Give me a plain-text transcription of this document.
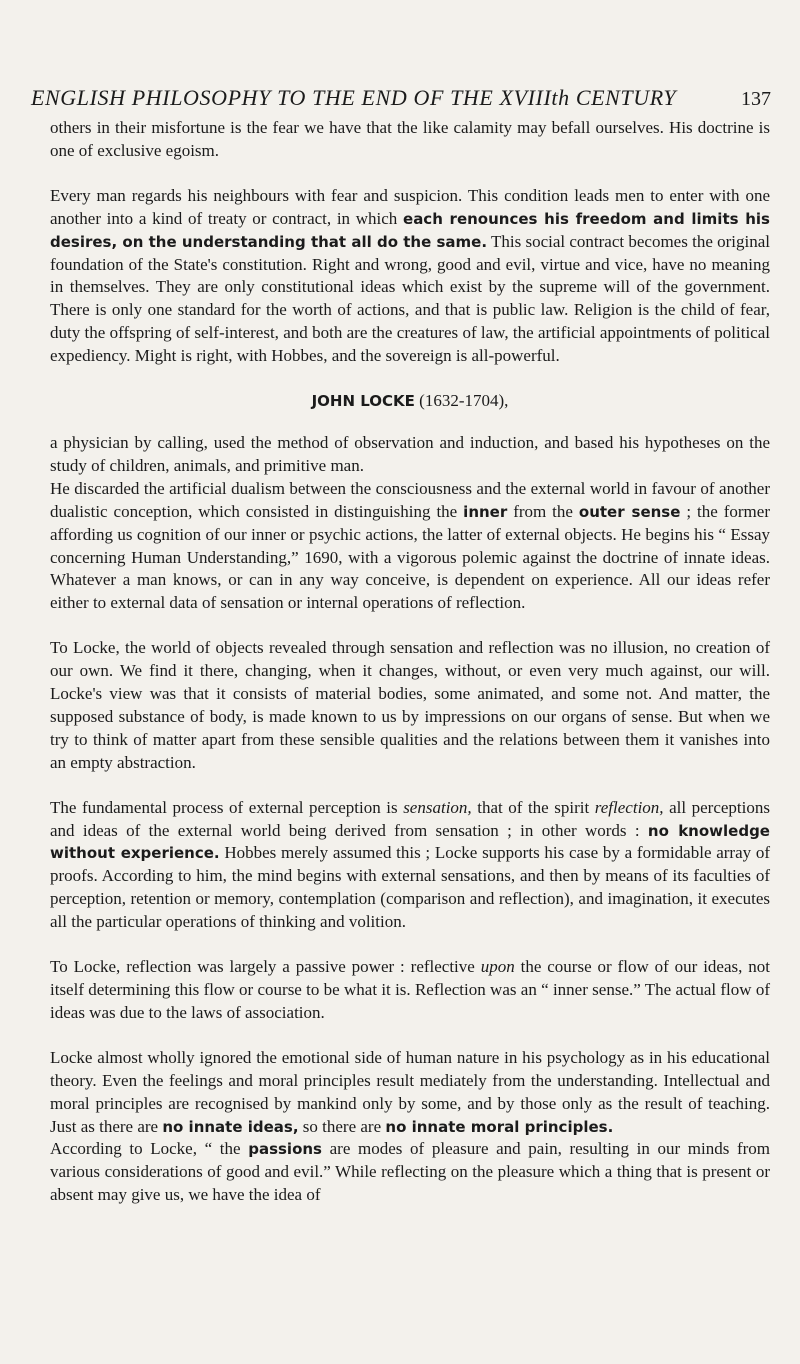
ENGLISH PHILOSOPHY TO THE END OF THE XVIIIth CENTURY	137

others in their misfortune is the fear we have that the like calamity may befall ourselves. His doctrine is one of exclusive egoism.

Every man regards his neighbours with fear and suspicion. This condition leads men to enter with one another into a kind of treaty or contract, in which each renounces his freedom and limits his desires, on the understanding that all do the same. This social contract becomes the original foundation of the State's constitution. Right and wrong, good and evil, virtue and vice, have no meaning in themselves. They are only constitutional ideas which exist by the supreme will of the government. There is only one standard for the worth of actions, and that is public law. Religion is the child of fear, duty the offspring of self-interest, and both are the creatures of law, the artificial appointments of political expediency. Might is right, with Hobbes, and the sovereign is all-powerful.

JOHN LOCKE (1632-1704),

a physician by calling, used the method of observation and induction, and based his hypotheses on the study of children, animals, and primitive man.

He discarded the artificial dualism between the consciousness and the external world in favour of another dualistic conception, which consisted in distinguishing the inner from the outer sense ; the former affording us cognition of our inner or psychic actions, the latter of external objects. He begins his “ Essay concerning Human Understanding,” 1690, with a vigorous polemic against the doctrine of innate ideas. Whatever a man knows, or can in any way conceive, is dependent on experience. All our ideas refer either to external data of sensation or internal operations of reflection.

To Locke, the world of objects revealed through sensation and reflection was no illusion, no creation of our own. We find it there, changing, when it changes, without, or even very much against, our will. Locke's view was that it consists of material bodies, some animated, and some not. And matter, the supposed substance of body, is made known to us by impressions on our organs of sense. But when we try to think of matter apart from these sensible qualities and the relations between them it vanishes into an empty abstraction.

The fundamental process of external perception is sensation, that of the spirit reflection, all perceptions and ideas of the external world being derived from sensation ; in other words : no knowledge without experience. Hobbes merely assumed this ; Locke supports his case by a formidable array of proofs. According to him, the mind begins with external sensations, and then by means of its faculties of perception, retention or memory, contemplation (comparison and reflection), and imagination, it executes all the particular operations of thinking and volition.

To Locke, reflection was largely a passive power : reflective upon the course or flow of our ideas, not itself determining this flow or course to be what it is. Reflection was an “ inner sense.” The actual flow of ideas was due to the laws of association.

Locke almost wholly ignored the emotional side of human nature in his psychology as in his educational theory. Even the feelings and moral principles result mediately from the understanding. Intellectual and moral principles are recognised by mankind only by some, and by those only as the result of teaching. Just as there are no innate ideas, so there are no innate moral principles.

According to Locke, “ the passions are modes of pleasure and pain, resulting in our minds from various considerations of good and evil.” While reflecting on the pleasure which a thing that is present or absent may give us, we have the idea of
